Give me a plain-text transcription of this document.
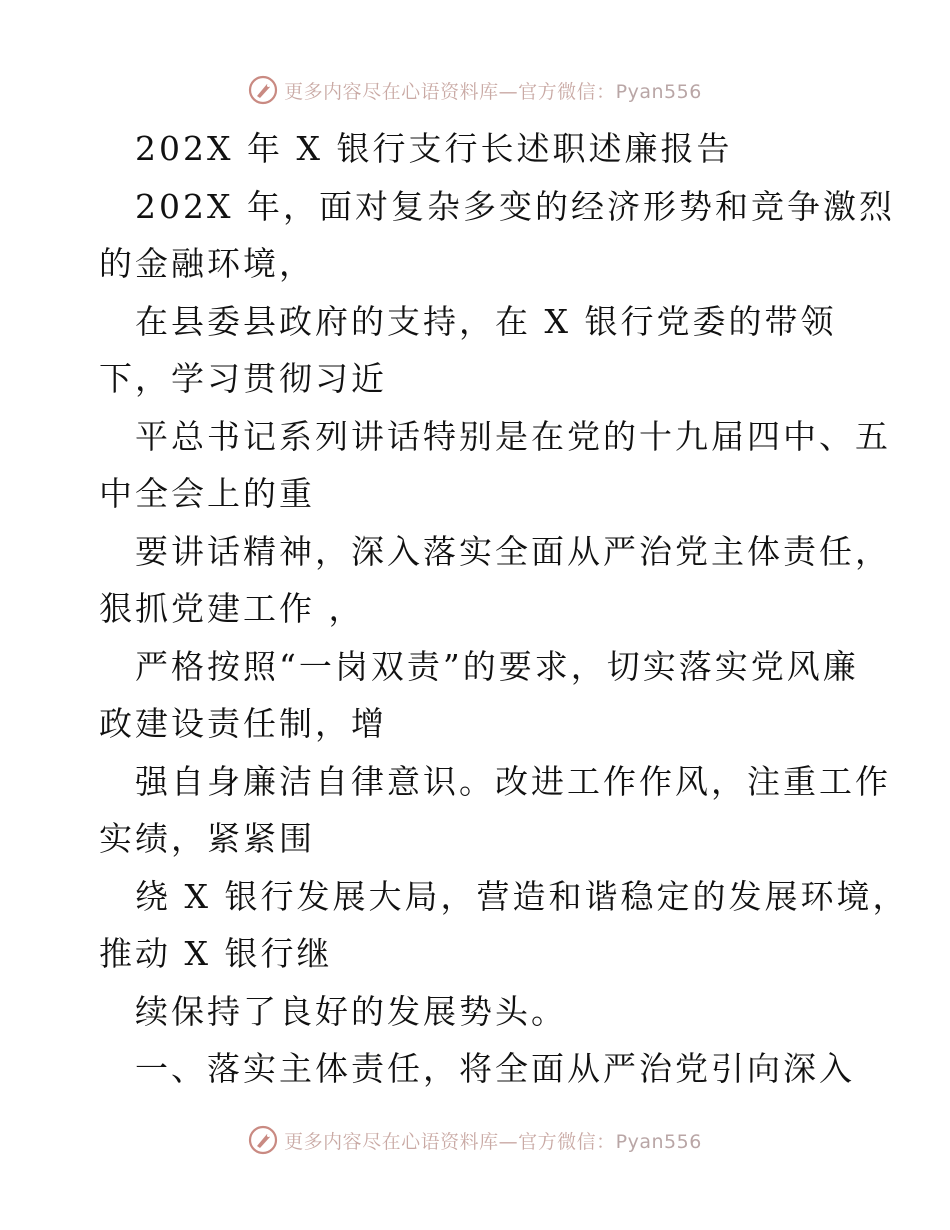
更多内容尽在心语资料库—官方微信：Pyan556
202X 年 X 银行支行长述职述廉报告
202X 年，面对复杂多变的经济形势和竞争激烈
的金融环境，
在县委县政府的支持，在 X 银行党委的带领
下，学习贯彻习近
平总书记系列讲话特别是在党的十九届四中、五
中全会上的重
要讲话精神，深入落实全面从严治党主体责任，
狠抓党建工作 ，
严格按照“一岗双责”的要求，切实落实党风廉
政建设责任制，增
强自身廉洁自律意识。改进工作作风，注重工作
实绩，紧紧围
绕 X 银行发展大局，营造和谐稳定的发展环境，
推动 X 银行继
续保持了良好的发展势头。
一、落实主体责任，将全面从严治党引向深入
更多内容尽在心语资料库—官方微信：Pyan556
